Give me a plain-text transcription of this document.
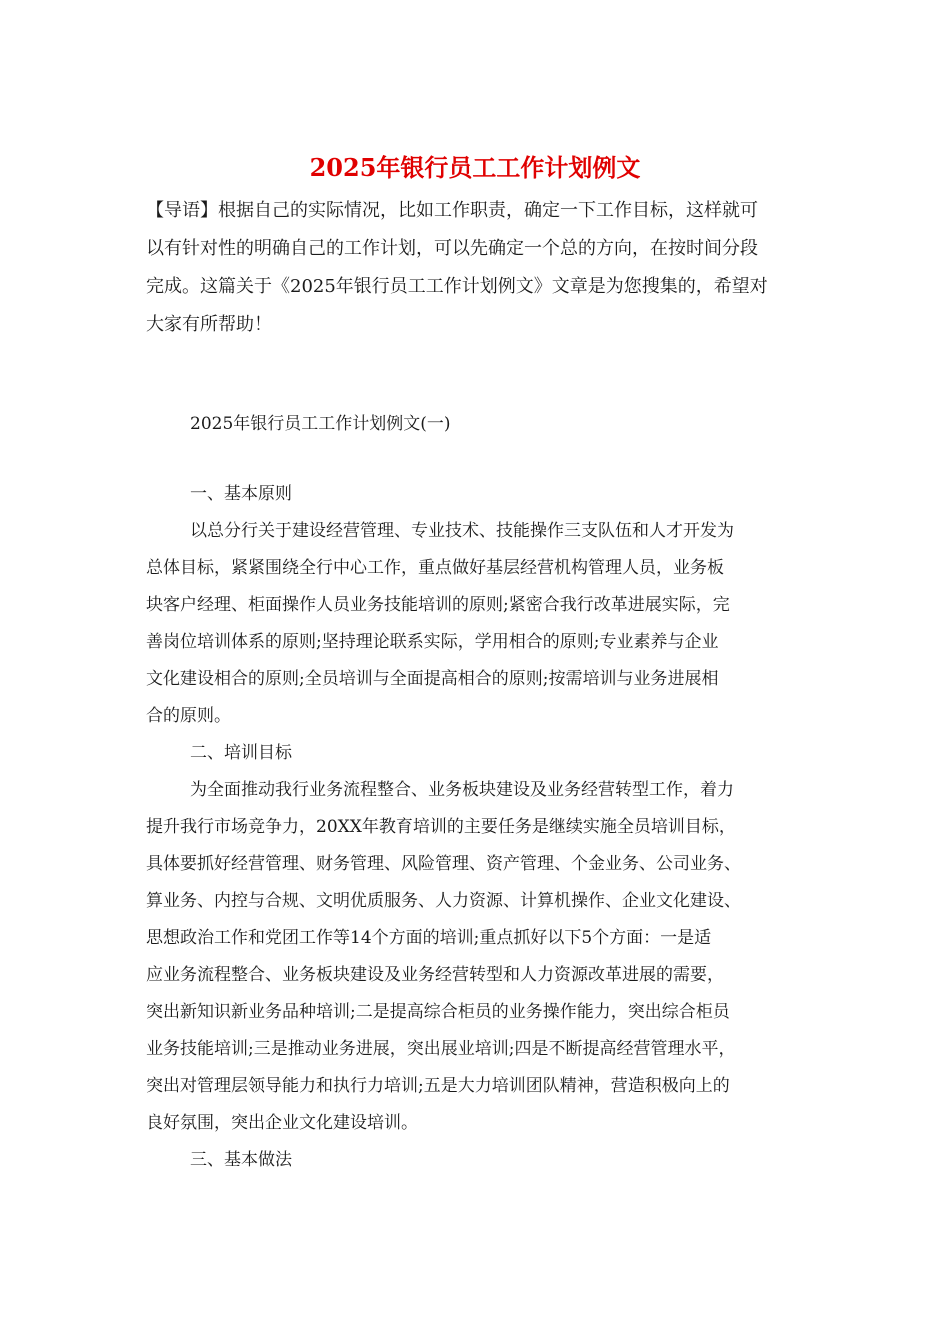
2025年银行员工工作计划例文
【导语】根据自己的实际情况，比如工作职责，确定一下工作目标，这样就可
以有针对性的明确自己的工作计划，可以先确定一个总的方向，在按时间分段
完成。这篇关于《2025年银行员工工作计划例文》文章是为您搜集的，希望对
大家有所帮助！
2025年银行员工工作计划例文(一)

一、基本原则

以总分行关于建设经营管理、专业技术、技能操作三支队伍和人才开发为
总体目标，紧紧围绕全行中心工作，重点做好基层经营机构管理人员，业务板
块客户经理、柜面操作人员业务技能培训的原则;紧密合我行改革进展实际，完
善岗位培训体系的原则;坚持理论联系实际，学用相合的原则;专业素养与企业
文化建设相合的原则;全员培训与全面提高相合的原则;按需培训与业务进展相
合的原则。

二、培训目标

为全面推动我行业务流程整合、业务板块建设及业务经营转型工作，着力
提升我行市场竞争力，20XX年教育培训的主要任务是继续实施全员培训目标，
具体要抓好经营管理、财务管理、风险管理、资产管理、个金业务、公司业务、
算业务、内控与合规、文明优质服务、人力资源、计算机操作、企业文化建设、
思想政治工作和党团工作等14个方面的培训;重点抓好以下5个方面：一是适
应业务流程整合、业务板块建设及业务经营转型和人力资源改革进展的需要，
突出新知识新业务品种培训;二是提高综合柜员的业务操作能力，突出综合柜员
业务技能培训;三是推动业务进展，突出展业培训;四是不断提高经营管理水平，
突出对管理层领导能力和执行力培训;五是大力培训团队精神，营造积极向上的
良好氛围，突出企业文化建设培训。

三、基本做法
